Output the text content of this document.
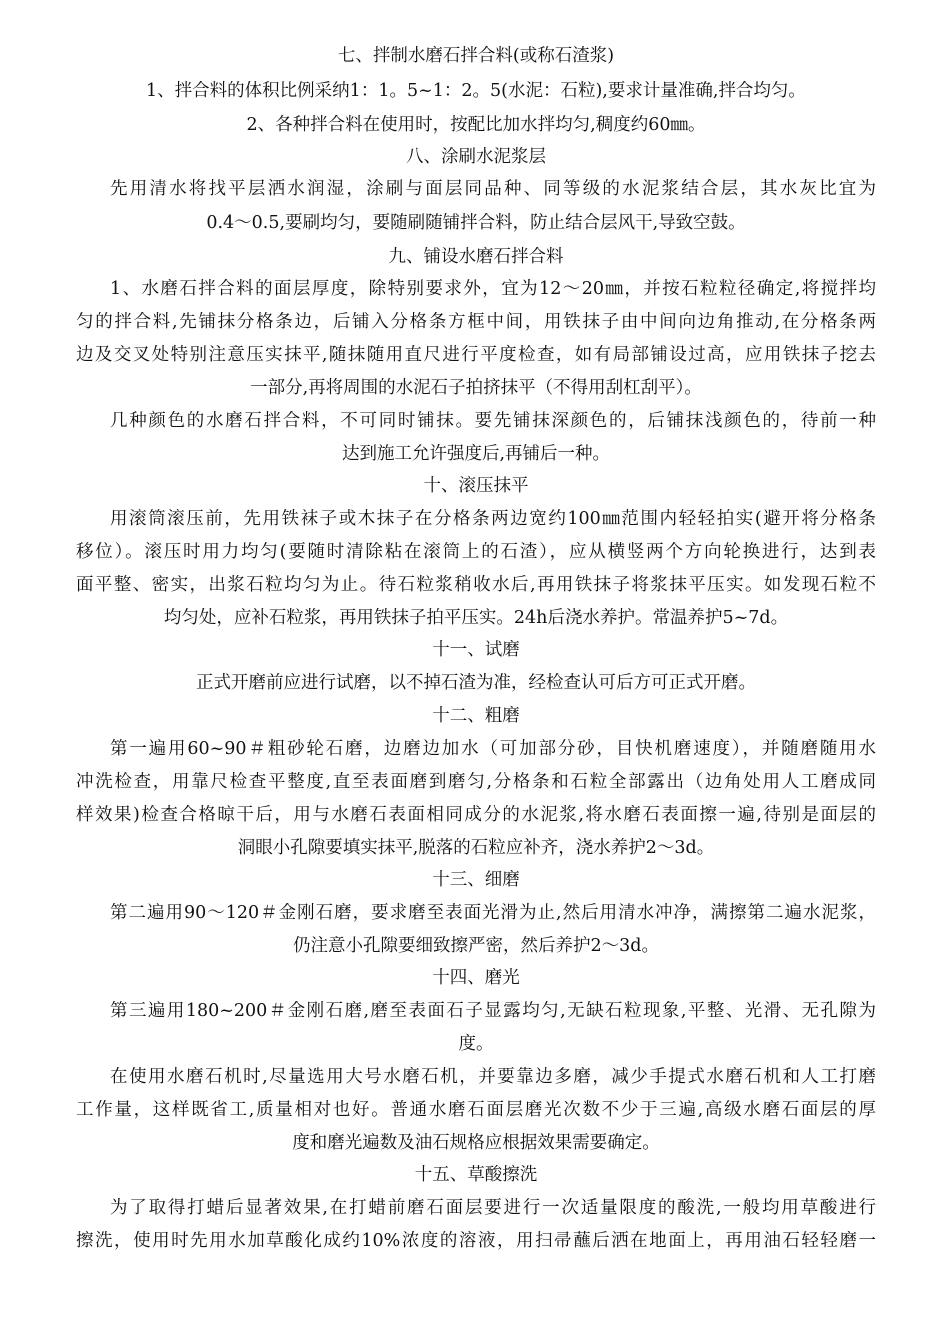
七、拌制水磨石拌合料(或称石渣浆)
1、拌合料的体积比例采纳1：1。5~1：2。5(水泥：石粒),要求计量准确,拌合均匀。
2、各种拌合料在使用时，按配比加水拌均匀,稠度约60㎜。
八、涂刷水泥浆层
先用清水将找平层洒水润湿，涂刷与面层同品种、同等级的水泥浆结合层，其水灰比宜为
0.4～0.5,要刷均匀，要随刷随铺拌合料，防止结合层风干,导致空鼓。
九、铺设水磨石拌合料
1、水磨石拌合料的面层厚度，除特别要求外，宜为12～20㎜，并按石粒粒径确定,将搅拌均
匀的拌合料,先铺抹分格条边，后铺入分格条方框中间，用铁抹子由中间向边角推动,在分格条两
边及交叉处特别注意压实抹平,随抹随用直尺进行平度检查，如有局部铺设过高，应用铁抹子挖去
一部分,再将周围的水泥石子拍挤抹平（不得用刮杠刮平）。
几种颜色的水磨石拌合料，不可同时铺抹。要先铺抹深颜色的，后铺抹浅颜色的，待前一种
达到施工允许强度后,再铺后一种。
十、滚压抹平
用滚筒滚压前，先用铁袜子或木抹子在分格条两边宽约100㎜范围内轻轻拍实(避开将分格条
移位）。滚压时用力均匀(要随时清除粘在滚筒上的石渣），应从横竖两个方向轮换进行，达到表
面平整、密实，出浆石粒均匀为止。待石粒浆稍收水后,再用铁抹子将浆抹平压实。如发现石粒不
均匀处，应补石粒浆，再用铁抹子拍平压实。24h后浇水养护。常温养护5~7d。
十一、试磨
正式开磨前应进行试磨，以不掉石渣为准，经检查认可后方可正式开磨。
十二、粗磨
第一遍用60~90＃粗砂轮石磨，边磨边加水（可加部分砂，目快机磨速度），并随磨随用水
冲洗检查，用靠尺检查平整度,直至表面磨到磨匀,分格条和石粒全部露出（边角处用人工磨成同
样效果)检查合格晾干后，用与水磨石表面相同成分的水泥浆,将水磨石表面擦一遍,待别是面层的
洞眼小孔隙要填实抹平,脱落的石粒应补齐，浇水养护2～3d。
十三、细磨
第二遍用90～120＃金刚石磨，要求磨至表面光滑为止,然后用清水冲净，满擦第二遍水泥浆，
仍注意小孔隙要细致擦严密，然后养护2～3d。
十四、磨光
第三遍用180~200＃金刚石磨,磨至表面石子显露均匀,无缺石粒现象,平整、光滑、无孔隙为
度。
在使用水磨石机时,尽量选用大号水磨石机，并要靠边多磨，减少手提式水磨石机和人工打磨
工作量，这样既省工,质量相对也好。普通水磨石面层磨光次数不少于三遍,高级水磨石面层的厚
度和磨光遍数及油石规格应根据效果需要确定。
十五、草酸擦洗
为了取得打蜡后显著效果,在打蜡前磨石面层要进行一次适量限度的酸洗,一般均用草酸进行
擦洗，使用时先用水加草酸化成约10%浓度的溶液，用扫帚蘸后洒在地面上，再用油石轻轻磨一
